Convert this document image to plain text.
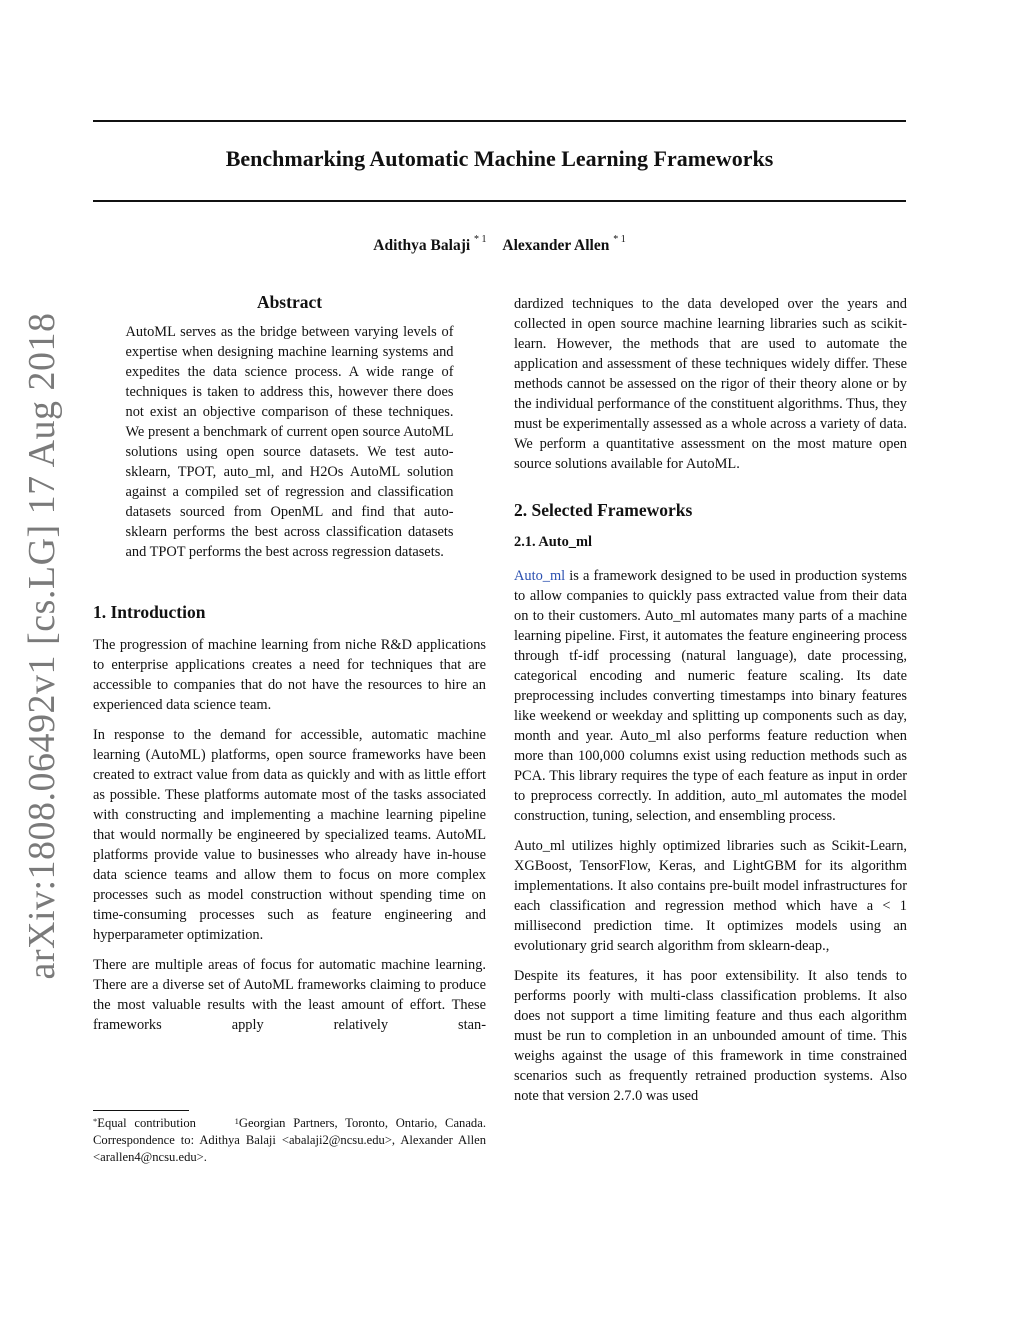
Benchmarking Automatic Machine Learning Frameworks
Adithya Balaji $^{* 1}$ Alexander Allen $^{* 1}$
arXiv:1808.06492v1 [cs.LG] 17 Aug 2018
Abstract

AutoML serves as the bridge between varying levels of expertise when designing machine learning systems and expedites the data science process. A wide range of techniques is taken to address this, however there does not exist an objective comparison of these techniques. We present a benchmark of current open source AutoML solutions using open source datasets. We test auto-sklearn, TPOT, auto_ml, and H2Os AutoML solution against a compiled set of regression and classification datasets sourced from OpenML and find that auto-sklearn performs the best across classification datasets and TPOT performs the best across regression datasets.

1. Introduction

The progression of machine learning from niche R&D applications to enterprise applications creates a need for techniques that are accessible to companies that do not have the resources to hire an experienced data science team.

In response to the demand for accessible, automatic machine learning (AutoML) platforms, open source frameworks have been created to extract value from data as quickly and with as little effort as possible. These platforms automate most of the tasks associated with constructing and implementing a machine learning pipeline that would normally be engineered by specialized teams. AutoML platforms provide value to businesses who already have in-house data science teams and allow them to focus on more complex processes such as model construction without spending time on time-consuming processes such as feature engineering and hyperparameter optimization.

There are multiple areas of focus for automatic machine learning. There are a diverse set of AutoML frameworks claiming to produce the most valuable results with the least amount of effort. These frameworks apply relatively stan-

*Equal contribution	$^1$Georgian Partners, Toronto, Ontario, Canada. Correspondence to: Adithya Balaji <abalaji2@ncsu.edu>, Alexander Allen <arallen4@ncsu.edu>.

dardized techniques to the data developed over the years and collected in open source machine learning libraries such as scikit-learn. However, the methods that are used to automate the application and assessment of these techniques widely differ. These methods cannot be assessed on the rigor of their theory alone or by the individual performance of the constituent algorithms. Thus, they must be experimentally assessed as a whole across a variety of data. We perform a quantitative assessment on the most mature open source solutions available for AutoML.

2. Selected Frameworks
2.1. Auto_ml

Auto_ml is a framework designed to be used in production systems to allow companies to quickly pass extracted value from their data on to their customers. Auto_ml automates many parts of a machine learning pipeline. First, it automates the feature engineering process through tf-idf processing (natural language), date processing, categorical encoding and numeric feature scaling. Its date preprocessing includes converting timestamps into binary features like weekend or weekday and splitting up components such as day, month and year. Auto_ml also performs feature reduction when more than 100,000 columns exist using reduction methods such as PCA. This library requires the type of each feature as input in order to preprocess correctly. In addition, auto_ml automates the model construction, tuning, selection, and ensembling process.

Auto_ml utilizes highly optimized libraries such as Scikit-Learn, XGBoost, TensorFlow, Keras, and LightGBM for its algorithm implementations. It also contains pre-built model infrastructures for each classification and regression method which have a < 1 millisecond prediction time. It optimizes models using an evolutionary grid search algorithm from sklearn-deap.,

Despite its features, it has poor extensibility. It also tends to performs poorly with multi-class classification problems. It also does not support a time limiting feature and thus each algorithm must be run to completion in an unbounded amount of time. This weighs against the usage of this framework in time constrained scenarios such as frequently retrained production systems. Also note that version 2.7.0 was used
